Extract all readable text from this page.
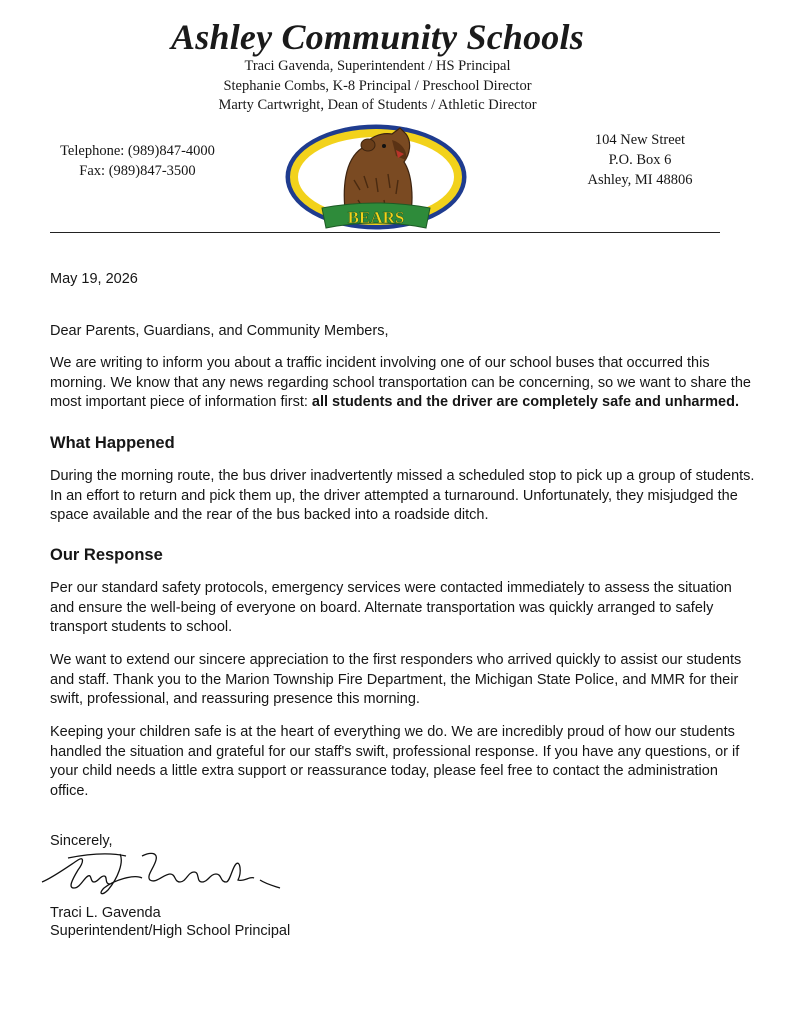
Ashley Community Schools
Traci Gavenda, Superintendent / HS Principal
Stephanie Combs, K-8 Principal / Preschool Director
Marty Cartwright, Dean of Students / Athletic Director
Telephone: (989)847-4000
Fax: (989)847-3500
104 New Street
P.O. Box 6
Ashley, MI 48806
BEARS
May 19, 2026
Dear Parents, Guardians, and Community Members,

We are writing to inform you about a traffic incident involving one of our school buses that occurred this morning. We know that any news regarding school transportation can be concerning, so we want to share the most important piece of information first: all students and the driver are completely safe and unharmed.

What Happened

During the morning route, the bus driver inadvertently missed a scheduled stop to pick up a group of students. In an effort to return and pick them up, the driver attempted a turnaround. Unfortunately, they misjudged the space available and the rear of the bus backed into a roadside ditch.

Our Response

Per our standard safety protocols, emergency services were contacted immediately to assess the situation and ensure the well-being of everyone on board. Alternate transportation was quickly arranged to safely transport students to school.

We want to extend our sincere appreciation to the first responders who arrived quickly to assist our students and staff. Thank you to the Marion Township Fire Department, the Michigan State Police, and MMR for their swift, professional, and reassuring presence this morning.

Keeping your children safe is at the heart of everything we do. We are incredibly proud of how our students handled the situation and grateful for our staff's swift, professional response. If you have any questions, or if your child needs a little extra support or reassurance today, please feel free to contact the administration office.

Sincerely,
Traci L. Gavenda
Superintendent/High School Principal
